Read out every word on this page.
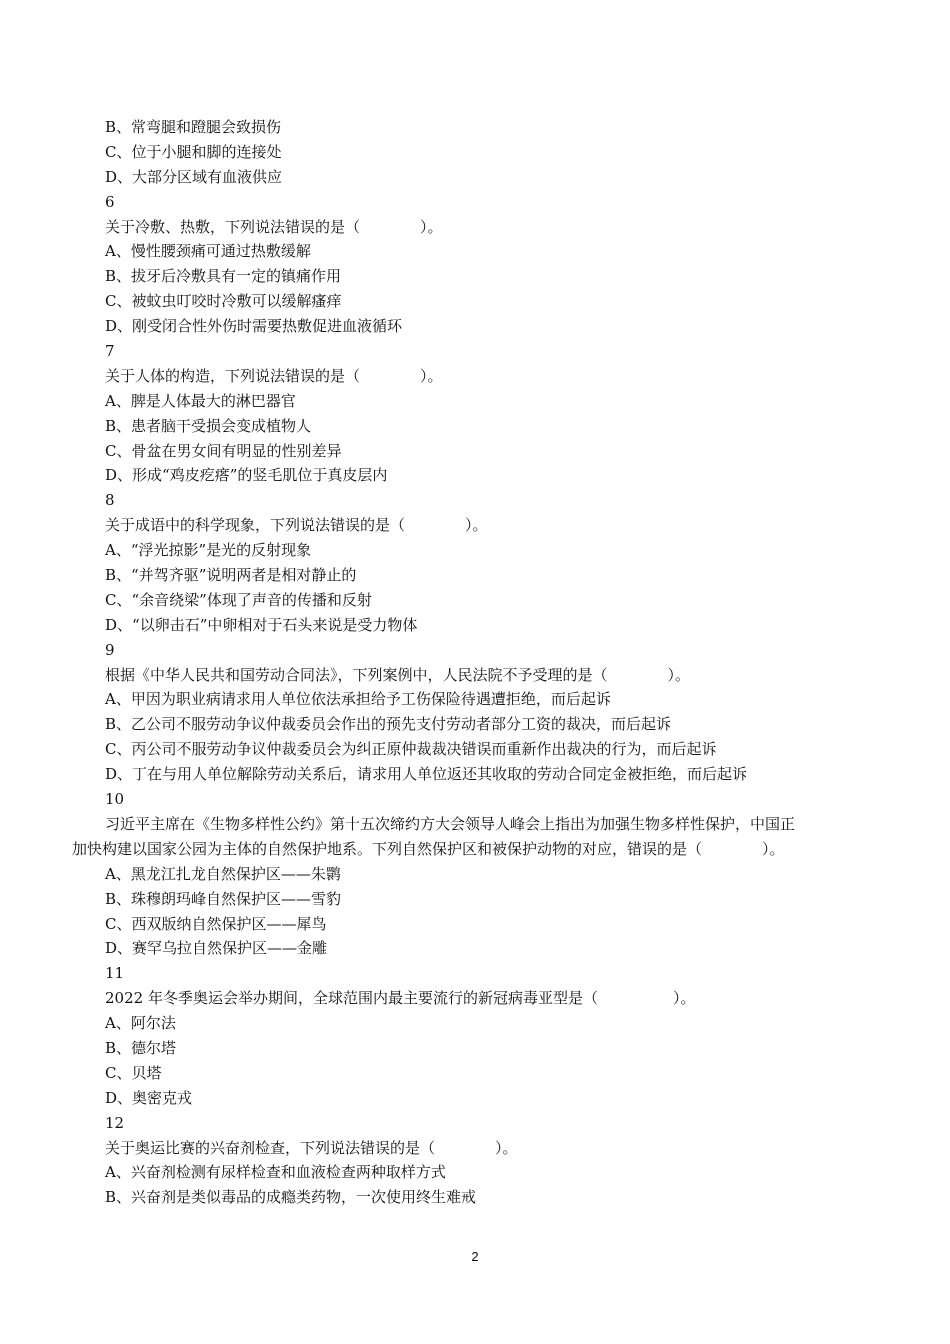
B、常弯腿和蹬腿会致损伤
C、位于小腿和脚的连接处
D、大部分区域有血液供应
6
关于冷敷、热敷，下列说法错误的是（　　　　）。
A、慢性腰颈痛可通过热敷缓解
B、拔牙后冷敷具有一定的镇痛作用
C、被蚊虫叮咬时冷敷可以缓解瘙痒
D、刚受闭合性外伤时需要热敷促进血液循环
7
关于人体的构造，下列说法错误的是（　　　　）。
A、脾是人体最大的淋巴器官
B、患者脑干受损会变成植物人
C、骨盆在男女间有明显的性别差异
D、形成“鸡皮疙瘩”的竖毛肌位于真皮层内
8
关于成语中的科学现象，下列说法错误的是（　　　　）。
A、“浮光掠影”是光的反射现象
B、“并驾齐驱”说明两者是相对静止的
C、“余音绕梁”体现了声音的传播和反射
D、“以卵击石”中卵相对于石头来说是受力物体
9
根据《中华人民共和国劳动合同法》，下列案例中，人民法院不予受理的是（　　　　）。
A、甲因为职业病请求用人单位依法承担给予工伤保险待遇遭拒绝，而后起诉
B、乙公司不服劳动争议仲裁委员会作出的预先支付劳动者部分工资的裁决，而后起诉
C、丙公司不服劳动争议仲裁委员会为纠正原仲裁裁决错误而重新作出裁决的行为，而后起诉
D、丁在与用人单位解除劳动关系后，请求用人单位返还其收取的劳动合同定金被拒绝，而后起诉
10
习近平主席在《生物多样性公约》第十五次缔约方大会领导人峰会上指出为加强生物多样性保护，中国正
加快构建以国家公园为主体的自然保护地系。下列自然保护区和被保护动物的对应，错误的是（　　　　）。
A、黑龙江扎龙自然保护区——朱鹮
B、珠穆朗玛峰自然保护区——雪豹
C、西双版纳自然保护区——犀鸟
D、赛罕乌拉自然保护区——金雕
11
2022 年冬季奥运会举办期间，全球范围内最主要流行的新冠病毒亚型是（　　　　　）。
A、阿尔法
B、德尔塔
C、贝塔
D、奥密克戎
12
关于奥运比赛的兴奋剂检查，下列说法错误的是（　　　　）。
A、兴奋剂检测有尿样检查和血液检查两种取样方式
B、兴奋剂是类似毒品的成瘾类药物，一次使用终生难戒
2
